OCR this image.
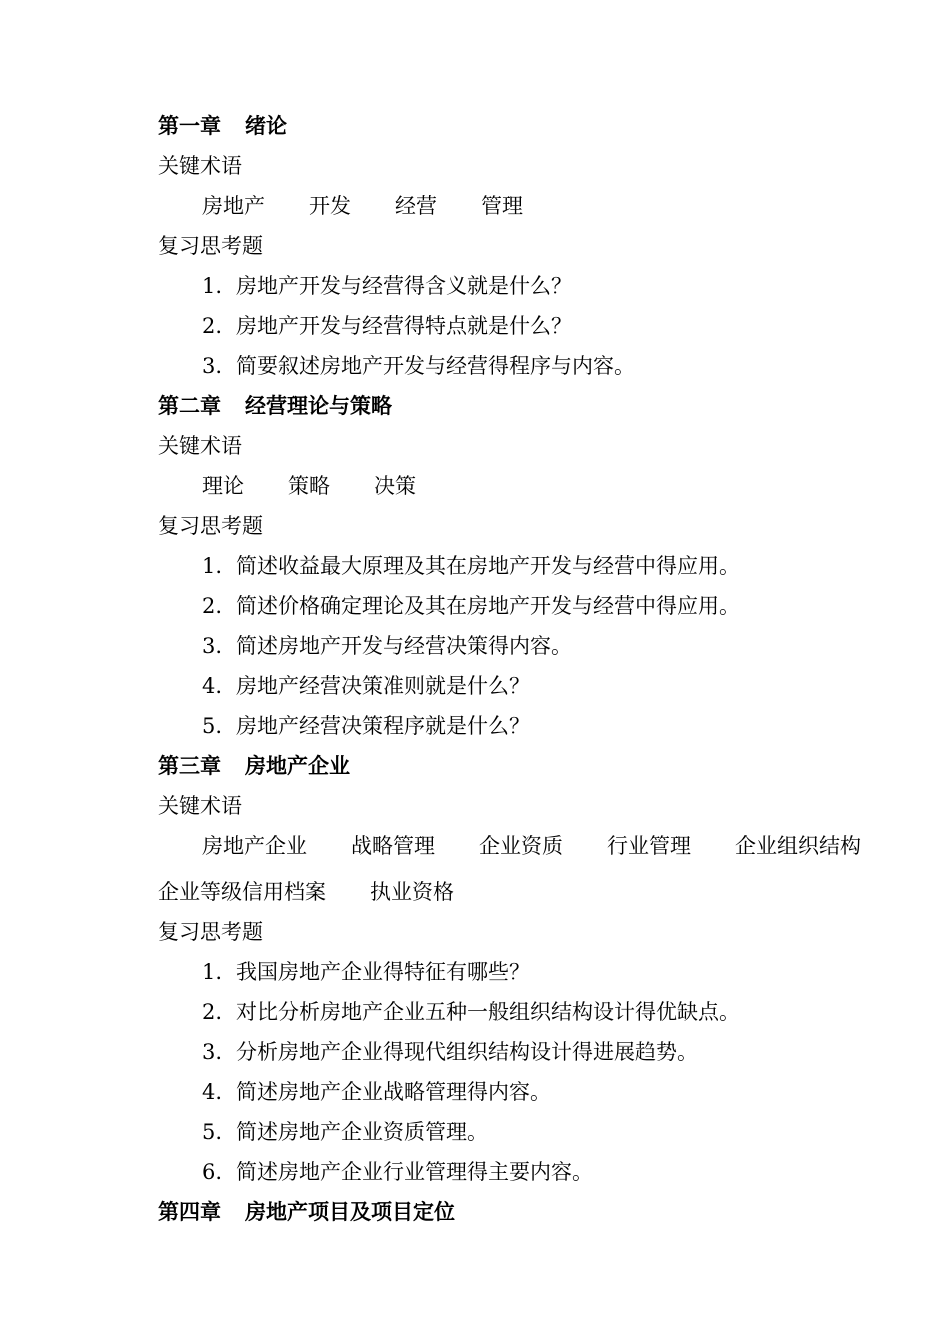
第一章 绪论
关键术语
房地产 开发 经营 管理
复习思考题
1. 房地产开发与经营得含义就是什么？
2. 房地产开发与经营得特点就是什么？
3. 简要叙述房地产开发与经营得程序与内容。
第二章 经营理论与策略
关键术语
理论 策略 决策
复习思考题
1. 简述收益最大原理及其在房地产开发与经营中得应用。
2. 简述价格确定理论及其在房地产开发与经营中得应用。
3. 简述房地产开发与经营决策得内容。
4. 房地产经营决策准则就是什么？
5. 房地产经营决策程序就是什么？
第三章 房地产企业
关键术语
房地产企业 战略管理 企业资质 行业管理 企业组织结构
企业等级信用档案 执业资格
复习思考题
1. 我国房地产企业得特征有哪些？
2. 对比分析房地产企业五种一般组织结构设计得优缺点。
3. 分析房地产企业得现代组织结构设计得进展趋势。
4. 简述房地产企业战略管理得内容。
5. 简述房地产企业资质管理。
6. 简述房地产企业行业管理得主要内容。
第四章 房地产项目及项目定位
